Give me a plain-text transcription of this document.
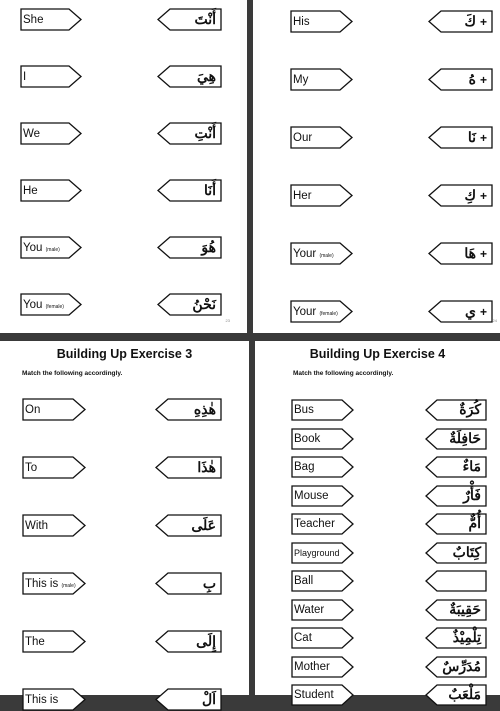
She	أَنْتَ
I	هِيَ
We	أَنْتِ
He	أَنَا
You (male)	هُوَ
You (female)	نَحْنُ
23
His	+كَ
My	+هُ
Our	+نَا
Her	+كِ
Your (male)	+هَا
Your (female)	+ي
24
Building Up Exercise 3
Match the following accordingly.
On	هٰذِهِ
To	هٰذَا
With	عَلَى
This is (male)	بِ
The	إِلَى
This is	اَلْ
Building Up Exercise 4
Match the following accordingly.
Bus	كُرَةٌ
Book	حَافِلَةٌ
Bag	مَاءٌ
Mouse	فَأْرٌ
Teacher	أُمٌّ
Playground	كِتَابٌ
Ball
Water	حَقِيبَةٌ
Cat	تِلْمِيْذٌ
Mother	مُدَرِّسٌ
Student	مَلْعَبٌ
